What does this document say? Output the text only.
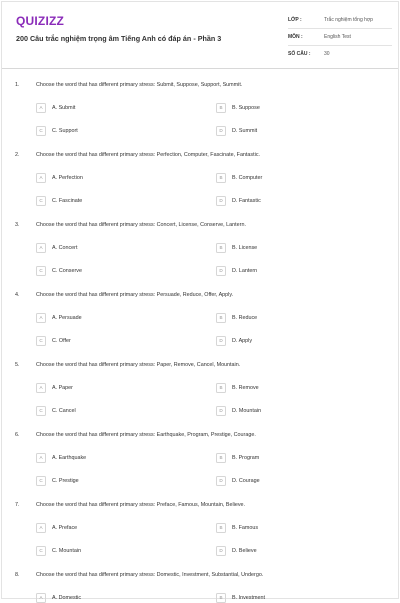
QUIZIZZ
200 Câu trắc nghiệm trọng âm Tiếng Anh có đáp án - Phần 3
LỚP :	Trắc nghiệm tổng hợp
MÔN :	English Test
SỐ CÂU :	30
1.	Choose the word that has different primary stress: Submit, Suppose, Support, Summit.
A	A. Submit	B	B. Suppose
C	C. Support	D	D. Summit
2.	Choose the word that has different primary stress: Perfection, Computer, Fascinate, Fantastic.
A	A. Perfection	B	B. Computer
C	C. Fascinate	D	D. Fantastic
3.	Choose the word that has different primary stress: Concert, License, Conserve, Lantern.
A	A. Concert	B	B. License
C	C. Conserve	D	D. Lantern
4.	Choose the word that has different primary stress: Persuade, Reduce, Offer, Apply.
A	A. Persuade	B	B. Reduce
C	C. Offer	D	D. Apply
5.	Choose the word that has different primary stress: Paper, Remove, Cancel, Mountain.
A	A. Paper	B	B. Remove
C	C. Cancel	D	D. Mountain
6.	Choose the word that has different primary stress: Earthquake, Program, Prestige, Courage.
A	A. Earthquake	B	B. Program
C	C. Prestige	D	D. Courage
7.	Choose the word that has different primary stress: Preface, Famous, Mountain, Believe.
A	A. Preface	B	B. Famous
C	C. Mountain	D	D. Believe
8.	Choose the word that has different primary stress: Domestic, Investment, Substantial, Undergo.
A	A. Domestic	B	B. Investment
